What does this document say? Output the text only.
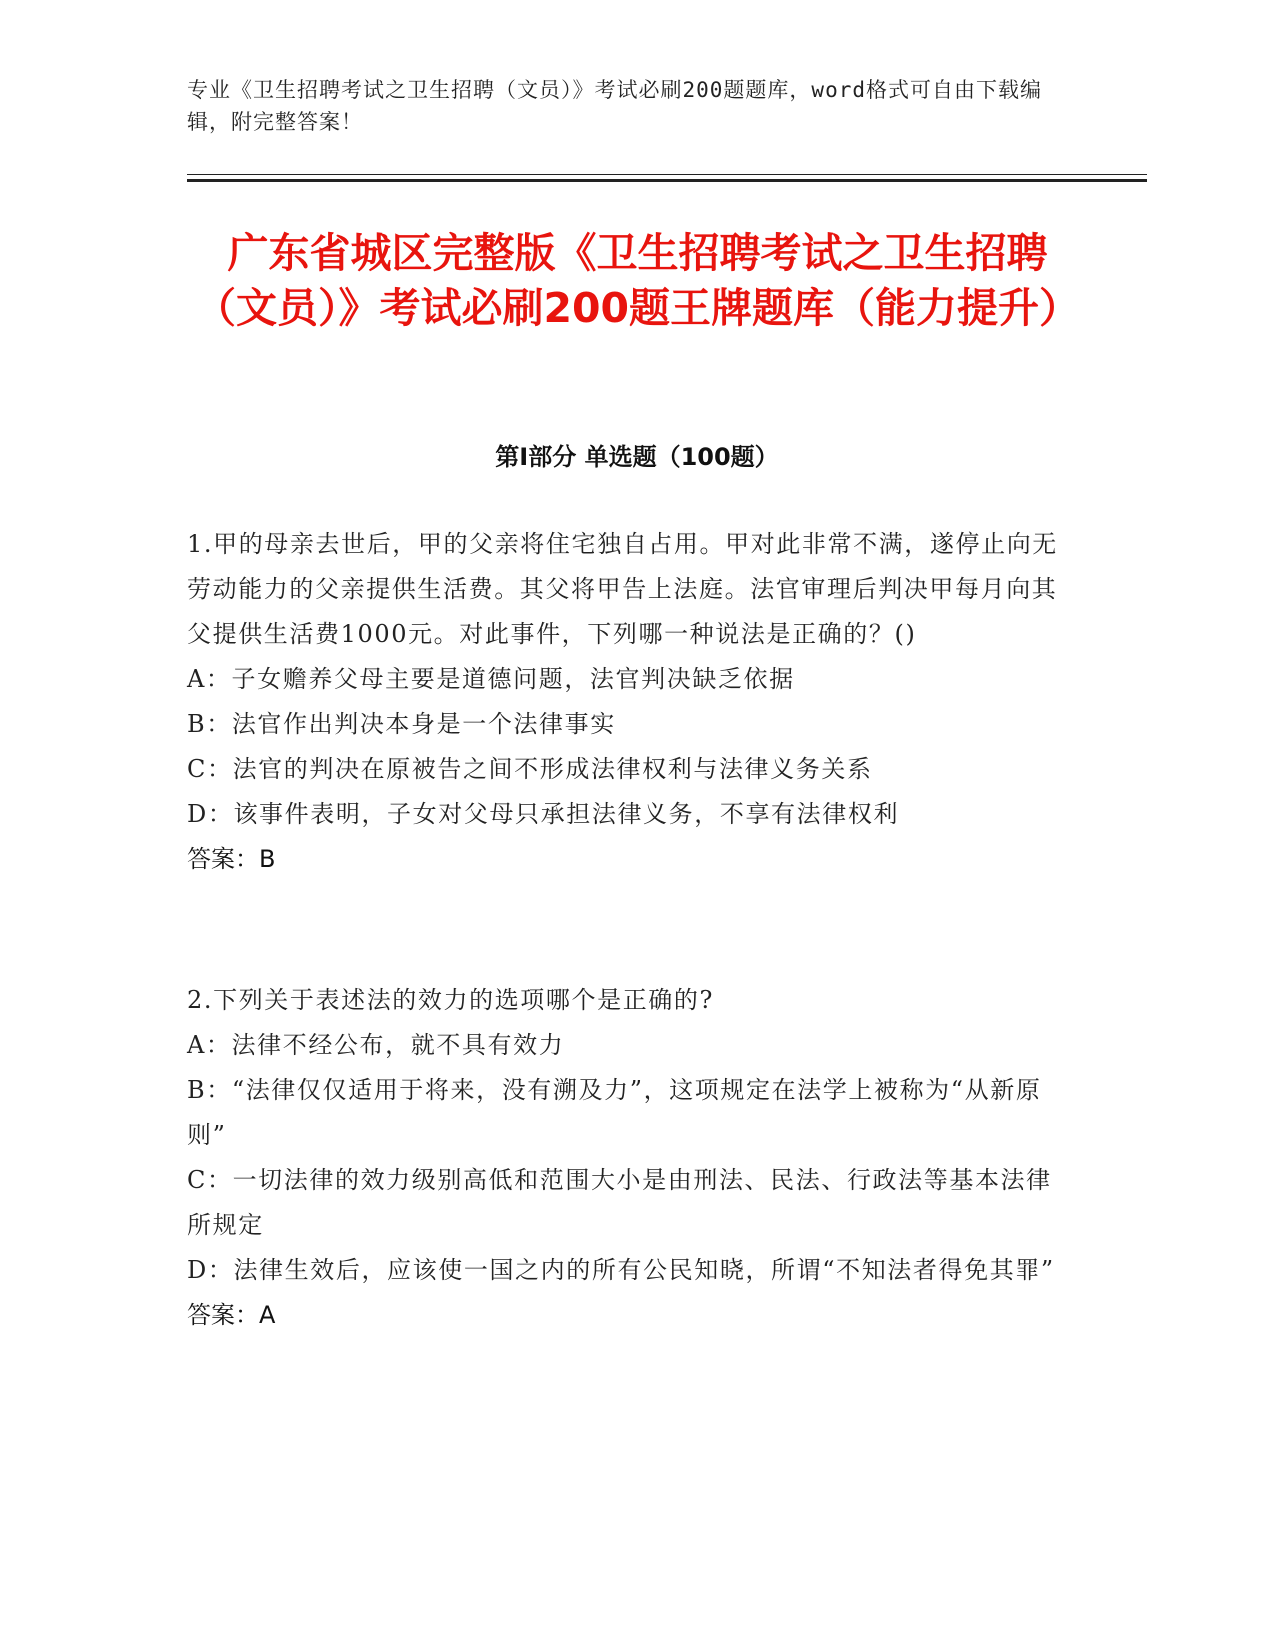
专业《卫生招聘考试之卫生招聘（文员）》考试必刷200题题库，word格式可自由下载编辑，附完整答案！
广东省城区完整版《卫生招聘考试之卫生招聘（文员）》考试必刷200题王牌题库（能力提升）
第Ⅰ部分 单选题（100题）
1.甲的母亲去世后，甲的父亲将住宅独自占用。甲对此非常不满，遂停止向无劳动能力的父亲提供生活费。其父将甲告上法庭。法官审理后判决甲每月向其父提供生活费1000元。对此事件，下列哪一种说法是正确的？()
A：子女赡养父母主要是道德问题，法官判决缺乏依据
B：法官作出判决本身是一个法律事实
C：法官的判决在原被告之间不形成法律权利与法律义务关系
D：该事件表明，子女对父母只承担法律义务，不享有法律权利
答案：B
2.下列关于表述法的效力的选项哪个是正确的?
A：法律不经公布，就不具有效力
B：“法律仅仅适用于将来，没有溯及力”，这项规定在法学上被称为“从新原则”
C：一切法律的效力级别高低和范围大小是由刑法、民法、行政法等基本法律所规定
D：法律生效后，应该使一国之内的所有公民知晓，所谓“不知法者得免其罪”
答案：A
